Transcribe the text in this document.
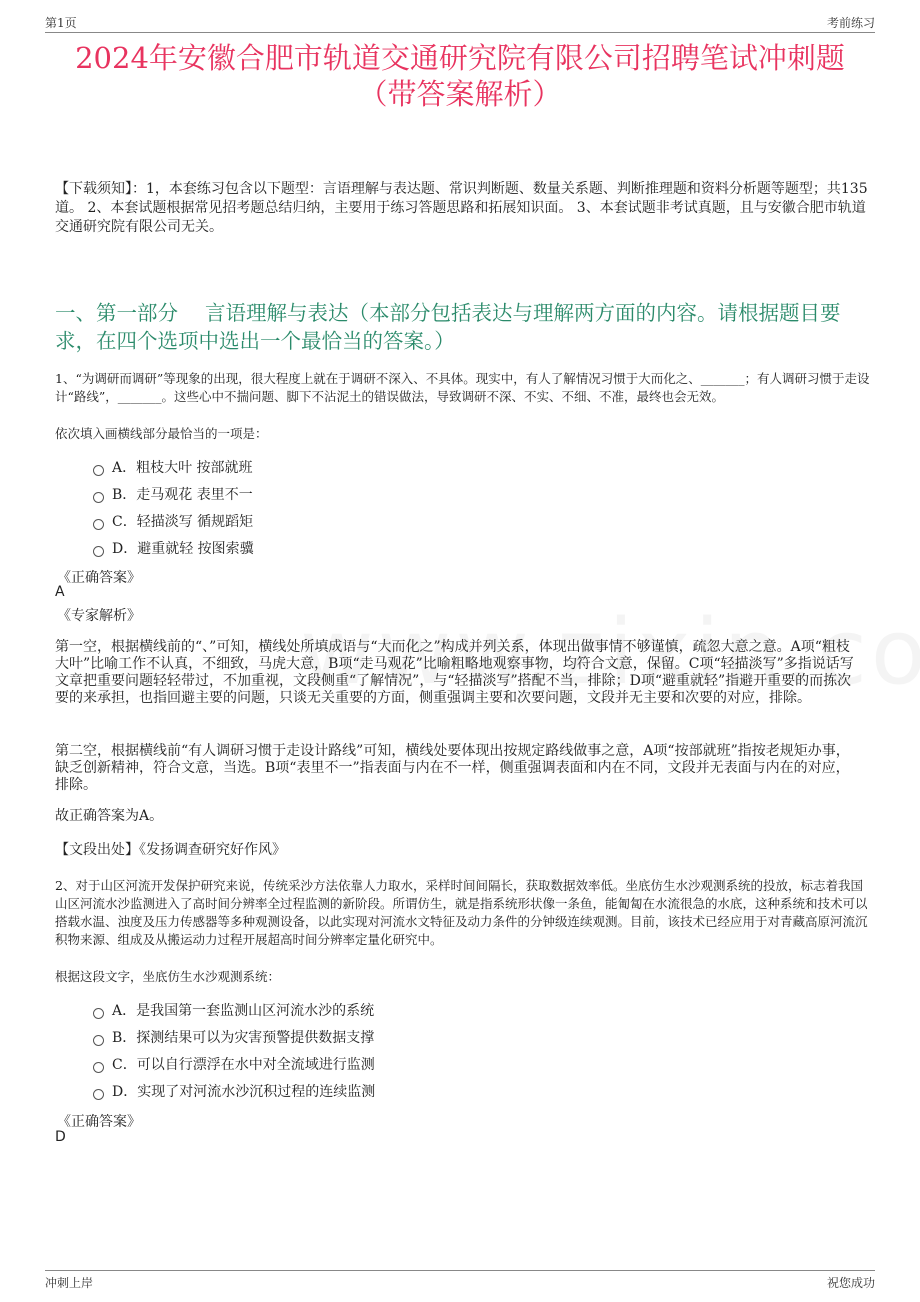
第1页	考前练习
2024年安徽合肥市轨道交通研究院有限公司招聘笔试冲刺题
（带答案解析）
【下载须知】：1，本套练习包含以下题型：言语理解与表达题、常识判断题、数量关系题、判断推理题和资料分析题等题型；共135道。 2、本套试题根据常见招考题总结归纳，主要用于练习答题思路和拓展知识面。 3、本套试题非考试真题，且与安徽合肥市轨道交通研究院有限公司无关。
一、第一部分　 言语理解与表达（本部分包括表达与理解两方面的内容。请根据题目要求，在四个选项中选出一个最恰当的答案。）
1、“为调研而调研”等现象的出现，很大程度上就在于调研不深入、不具体。现实中，有人了解情况习惯于大而化之、_______；有人调研习惯于走设计“路线”，_______。这些心中不揣问题、脚下不沾泥土的错误做法，导致调研不深、不实、不细、不准，最终也会无效。
依次填入画横线部分最恰当的一项是：
A．粗枝大叶 按部就班
B．走马观花 表里不一
C．轻描淡写 循规蹈矩
D．避重就轻 按图索骥
《正确答案》
A
《专家解析》
第一空，根据横线前的“、”可知，横线处所填成语与“大而化之”构成并列关系，体现出做事情不够谨慎，疏忽大意之意。A项“粗枝大叶”比喻工作不认真，不细致，马虎大意，B项“走马观花”比喻粗略地观察事物，均符合文意，保留。C项“轻描淡写”多指说话写文章把重要问题轻轻带过，不加重视，文段侧重“了解情况”，与“轻描淡写”搭配不当，排除；D项“避重就轻”指避开重要的而拣次要的来承担，也指回避主要的问题，只谈无关重要的方面，侧重强调主要和次要问题，文段并无主要和次要的对应，排除。
第二空，根据横线前“有人调研习惯于走设计路线”可知，横线处要体现出按规定路线做事之意，A项“按部就班”指按老规矩办事，缺乏创新精神，符合文意，当选。B项“表里不一”指表面与内在不一样，侧重强调表面和内在不同，文段并无表面与内在的对应，排除。
故正确答案为A。
【文段出处】《发扬调查研究好作风》
2、对于山区河流开发保护研究来说，传统采沙方法依靠人力取水，采样时间间隔长，获取数据效率低。坐底仿生水沙观测系统的投放，标志着我国山区河流水沙监测进入了高时间分辨率全过程监测的新阶段。所谓仿生，就是指系统形状像一条鱼，能匍匐在水流很急的水底，这种系统和技术可以搭载水温、浊度及压力传感器等多种观测设备，以此实现对河流水文特征及动力条件的分钟级连续观测。目前，该技术已经应用于对青藏高原河流沉积物来源、组成及从搬运动力过程开展超高时间分辨率定量化研究中。
根据这段文字，坐底仿生水沙观测系统：
A．是我国第一套监测山区河流水沙的系统
B．探测结果可以为灾害预警提供数据支撑
C．可以自行漂浮在水中对全流域进行监测
D．实现了对河流水沙沉积过程的连续监测
《正确答案》
D
冲刺上岸	祝您成功
